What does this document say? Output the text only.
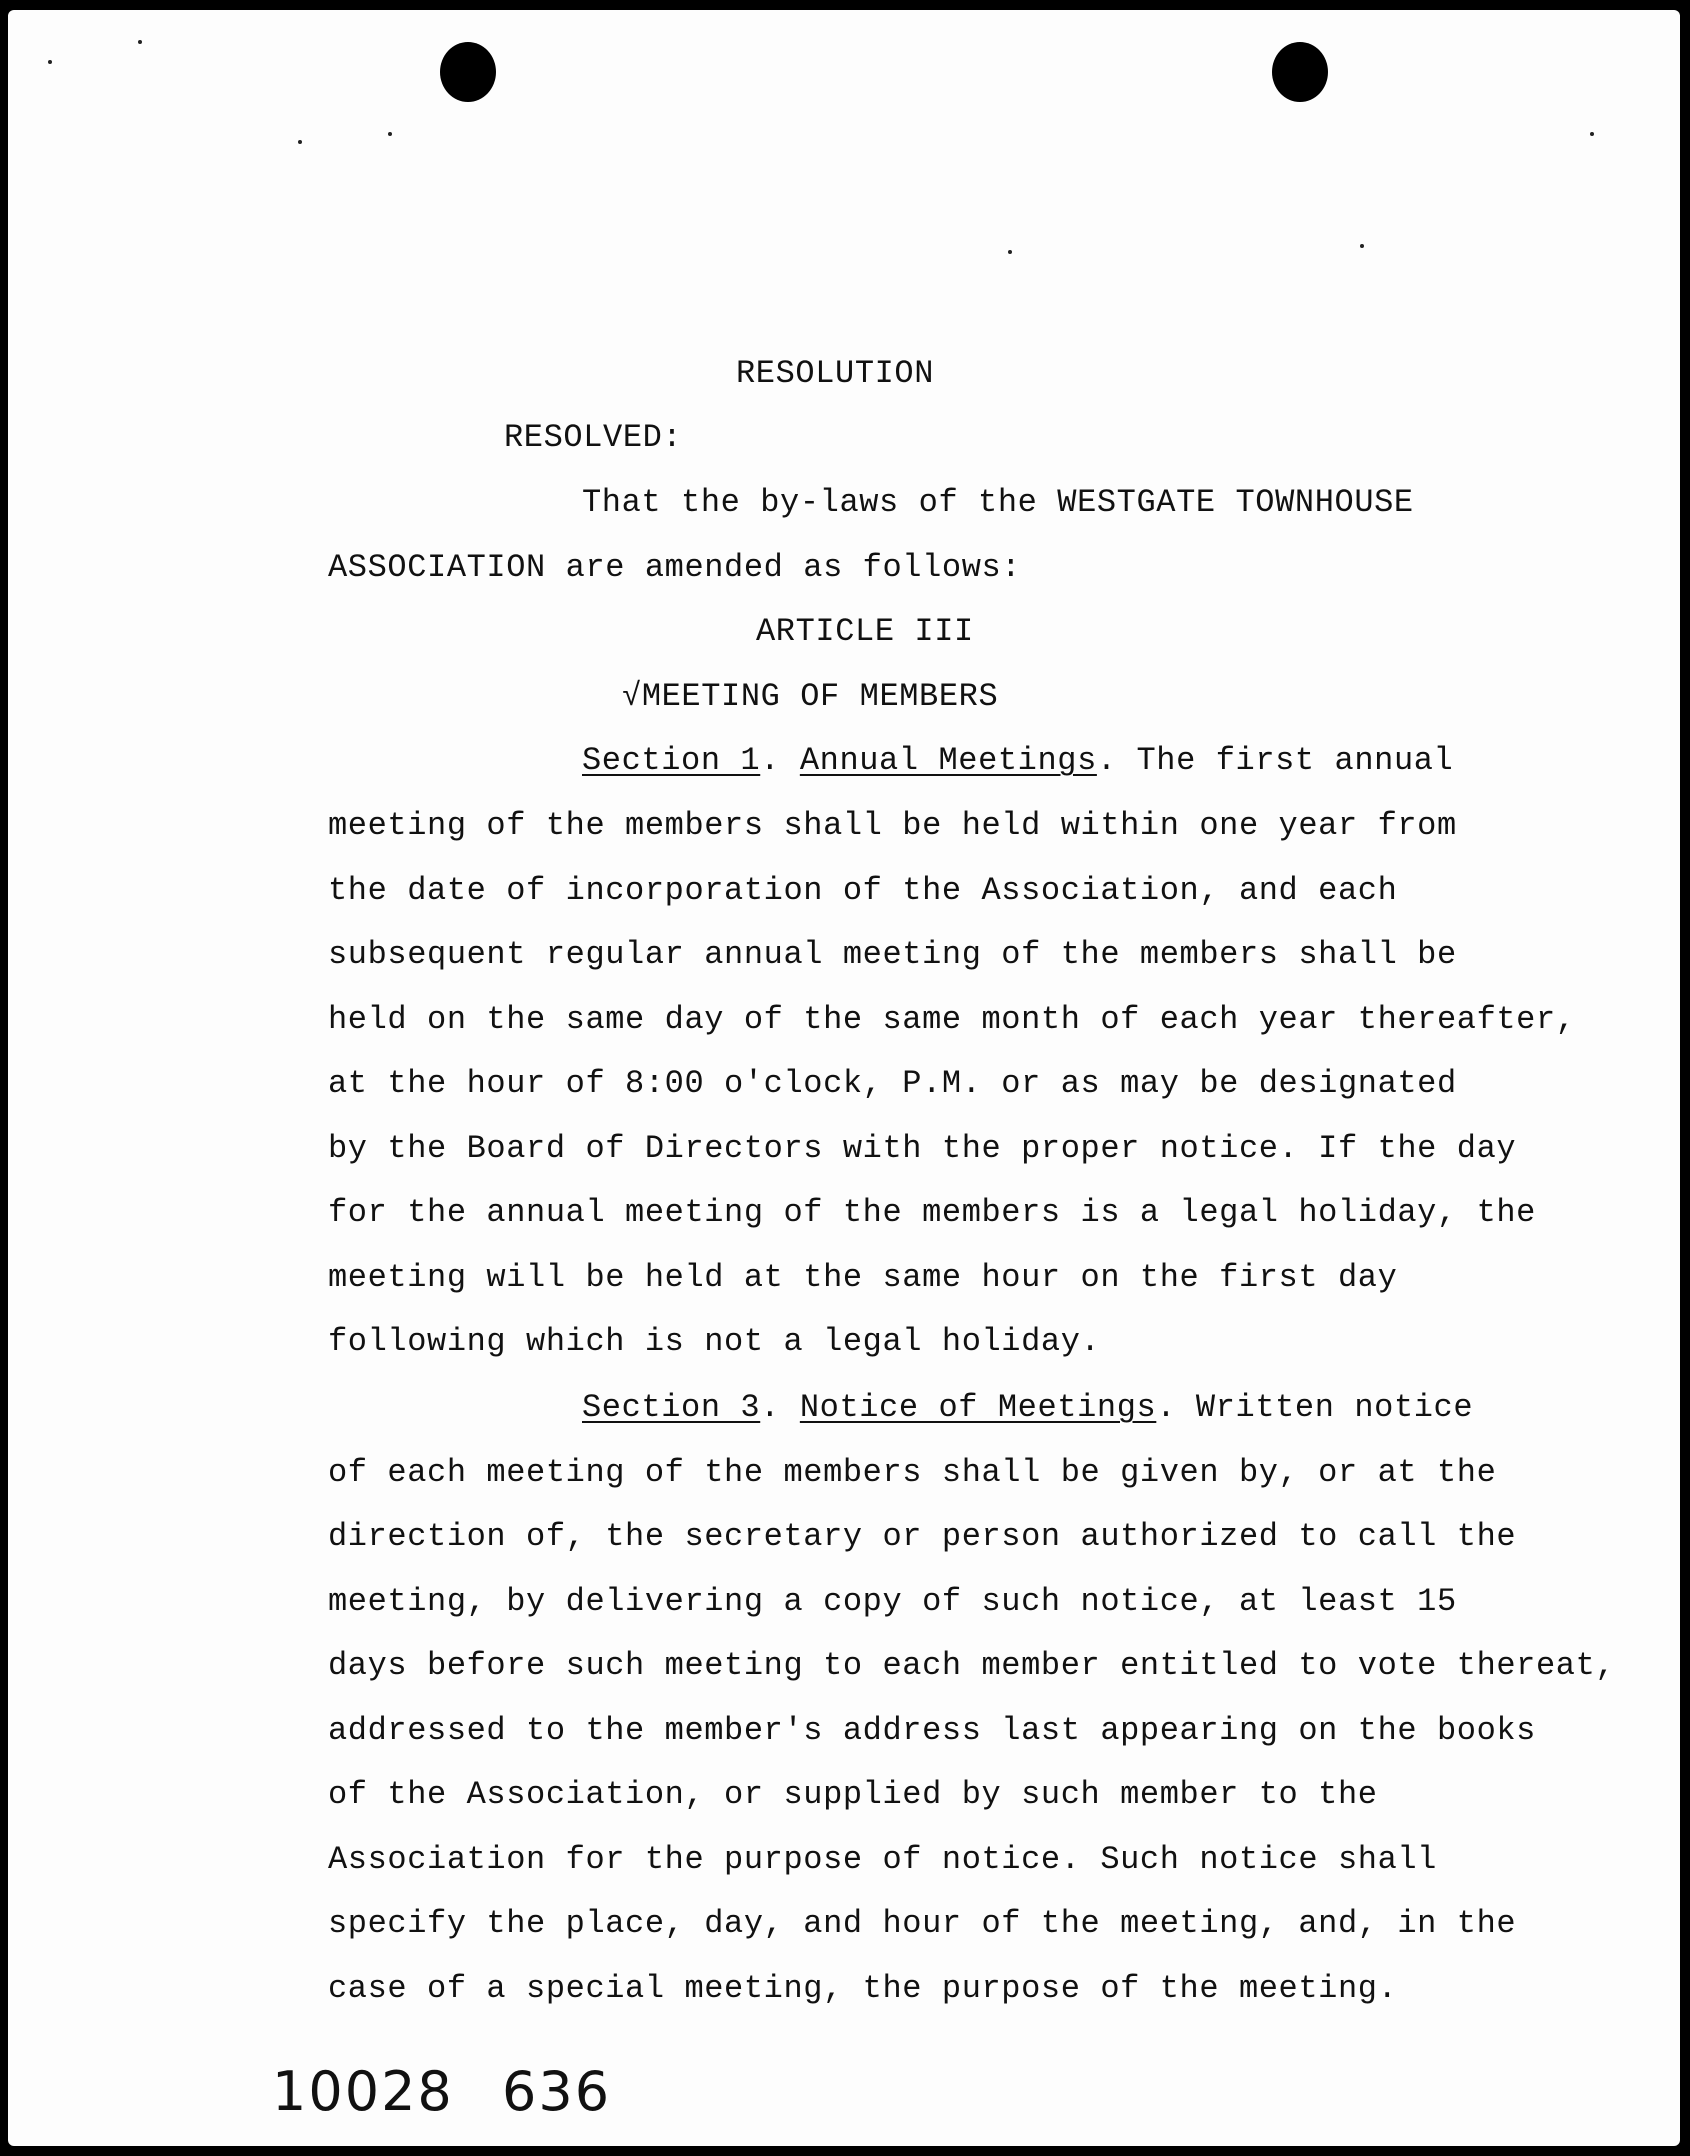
RESOLUTION
RESOLVED:
That the by-laws of the WESTGATE TOWNHOUSE
ASSOCIATION are amended as follows:
ARTICLE III
√MEETING OF MEMBERS
Section 1. Annual Meetings. The first annual
meeting of the members shall be held within one year from
the date of incorporation of the Association, and each
subsequent regular annual meeting of the members shall be
held on the same day of the same month of each year thereafter,
at the hour of 8:00 o'clock, P.M. or as may be designated
by the Board of Directors with the proper notice. If the day
for the annual meeting of the members is a legal holiday, the
meeting will be held at the same hour on the first day
following which is not a legal holiday.
Section 3. Notice of Meetings. Written notice
of each meeting of the members shall be given by, or at the
direction of, the secretary or person authorized to call the
meeting, by delivering a copy of such notice, at least 15
days before such meeting to each member entitled to vote thereat,
addressed to the member's address last appearing on the books
of the Association, or supplied by such member to the
Association for the purpose of notice. Such notice shall
specify the place, day, and hour of the meeting, and, in the
case of a special meeting, the purpose of the meeting.
10028 636
